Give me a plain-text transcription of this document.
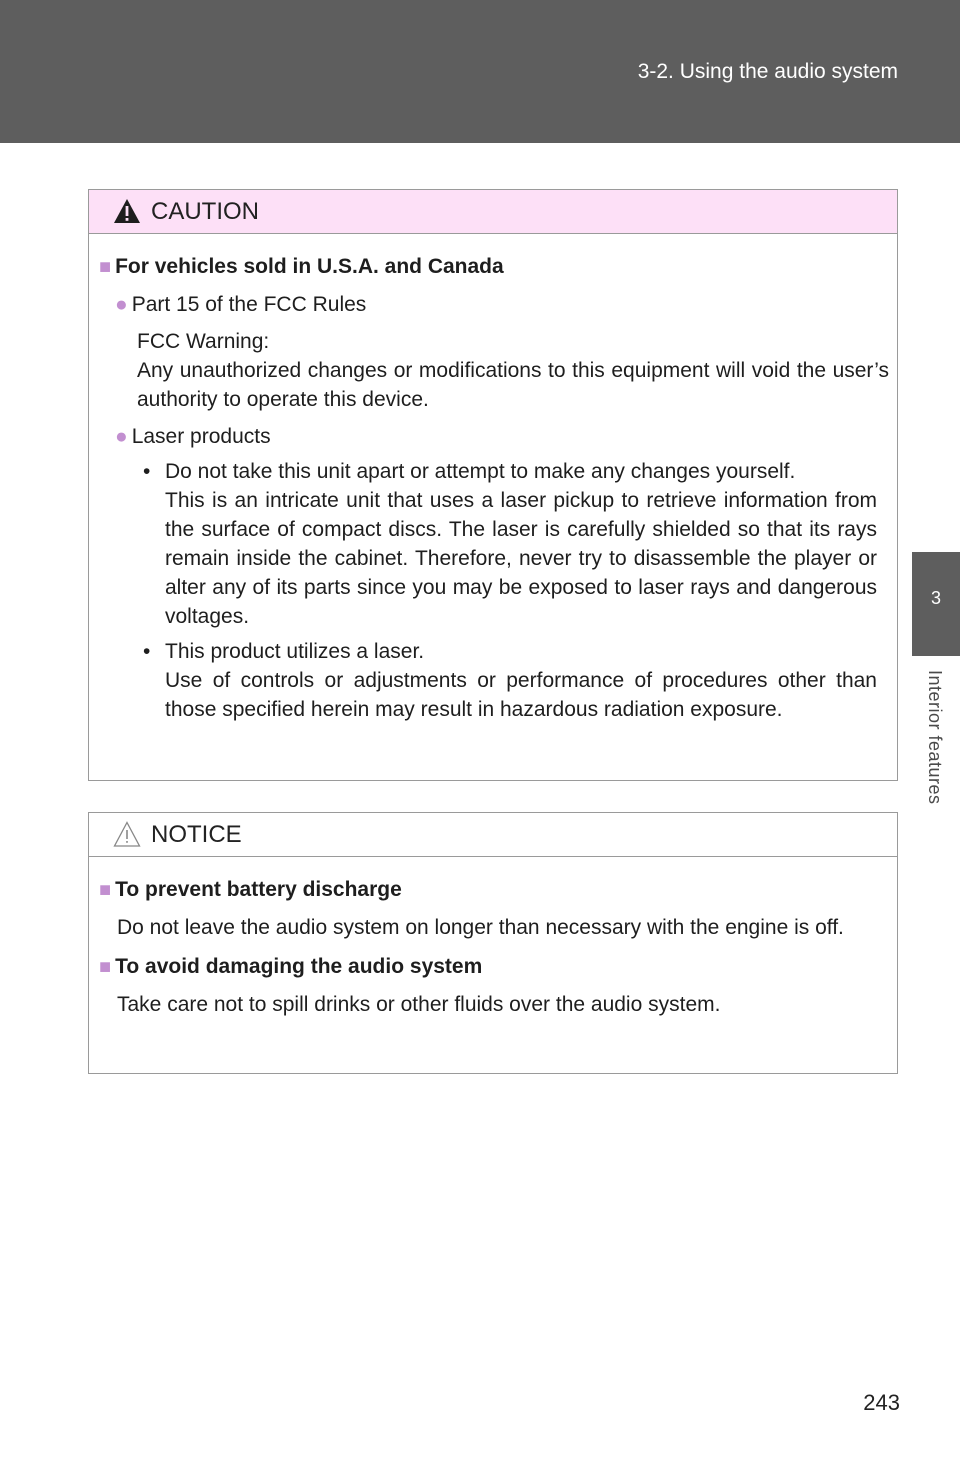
3-2. Using the audio system
3
Interior features
CAUTION
■ For vehicles sold in U.S.A. and Canada
● Part 15 of the FCC Rules

FCC Warning:

Any unauthorized changes or modifications to this equipment will void the user’s authority to operate this device.

● Laser products
• Do not take this unit apart or attempt to make any changes yourself.

This is an intricate unit that uses a laser pickup to retrieve information from the surface of compact discs. The laser is carefully shielded so that its rays remain inside the cabinet. Therefore, never try to disassemble the player or alter any of its parts since you may be exposed to laser rays and dangerous voltages.

• This product utilizes a laser.

Use of controls or adjustments or performance of procedures other than those specified herein may result in hazardous radiation exposure.

NOTICE
■ To prevent battery discharge
Do not leave the audio system on longer than necessary with the engine is off.
■ To avoid damaging the audio system
Take care not to spill drinks or other fluids over the audio system.
243
